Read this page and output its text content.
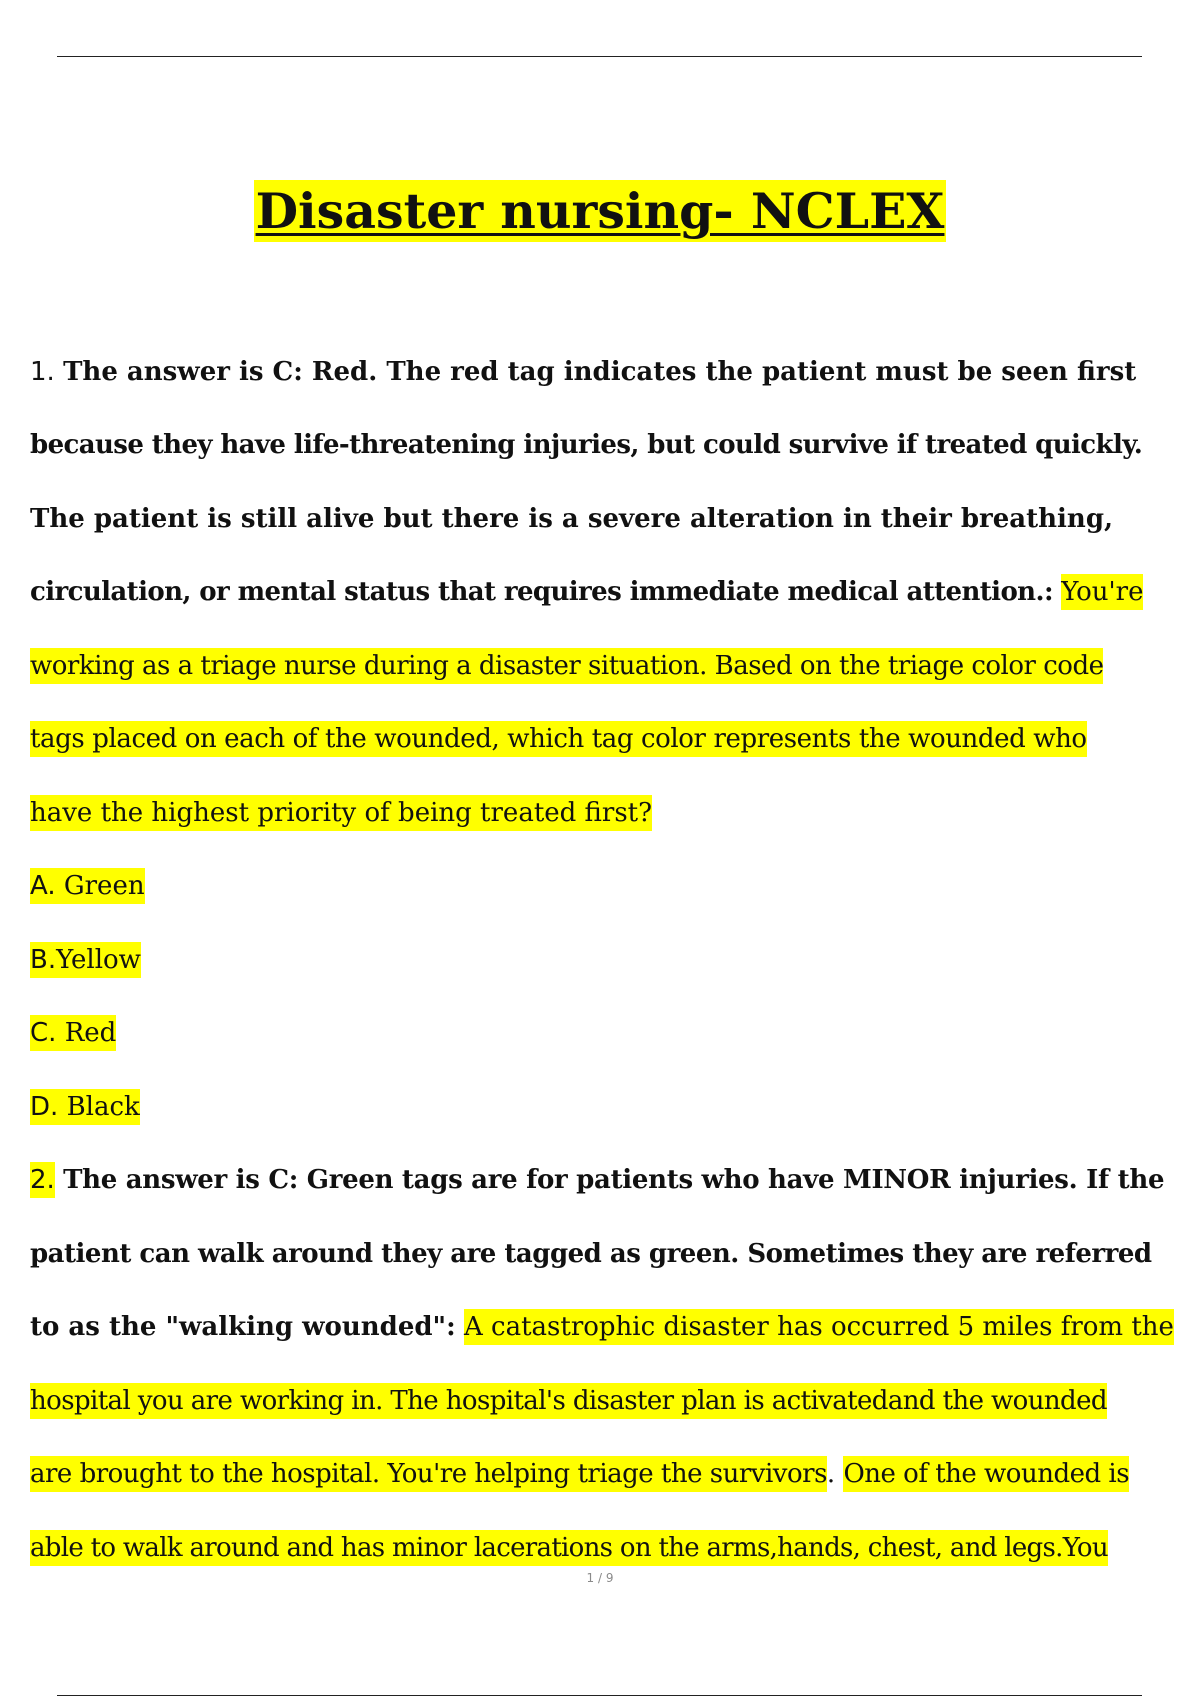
Disaster nursing- NCLEX
1.
The answer is C: Red. The red tag indicates the patient must be seen first
because they have life-threatening injuries, but could survive if treated quickly.
The patient is still alive but there is a severe alteration in their breathing,
circulation, or mental status that requires immediate medical attention.:
You're
working as a triage nurse during a disaster situation. Based on the triage color code
tags placed on each of the wounded, which tag color represents the wounded who
have the highest priority of being treated first?
A. Green
B.Yellow
C. Red
D. Black
2.
The answer is C: Green tags are for patients who have MINOR injuries. If the
patient can walk around they are tagged as green. Sometimes they are referred
to as the "walking wounded":
A catastrophic disaster has occurred 5 miles from the
hospital you are working in. The hospital's disaster plan is activatedand the wounded
are brought to the hospital. You're helping triage the survivors . One of the wounded is
able to walk around and has minor lacerations on the arms,hands, chest, and legs.You
1 / 9
